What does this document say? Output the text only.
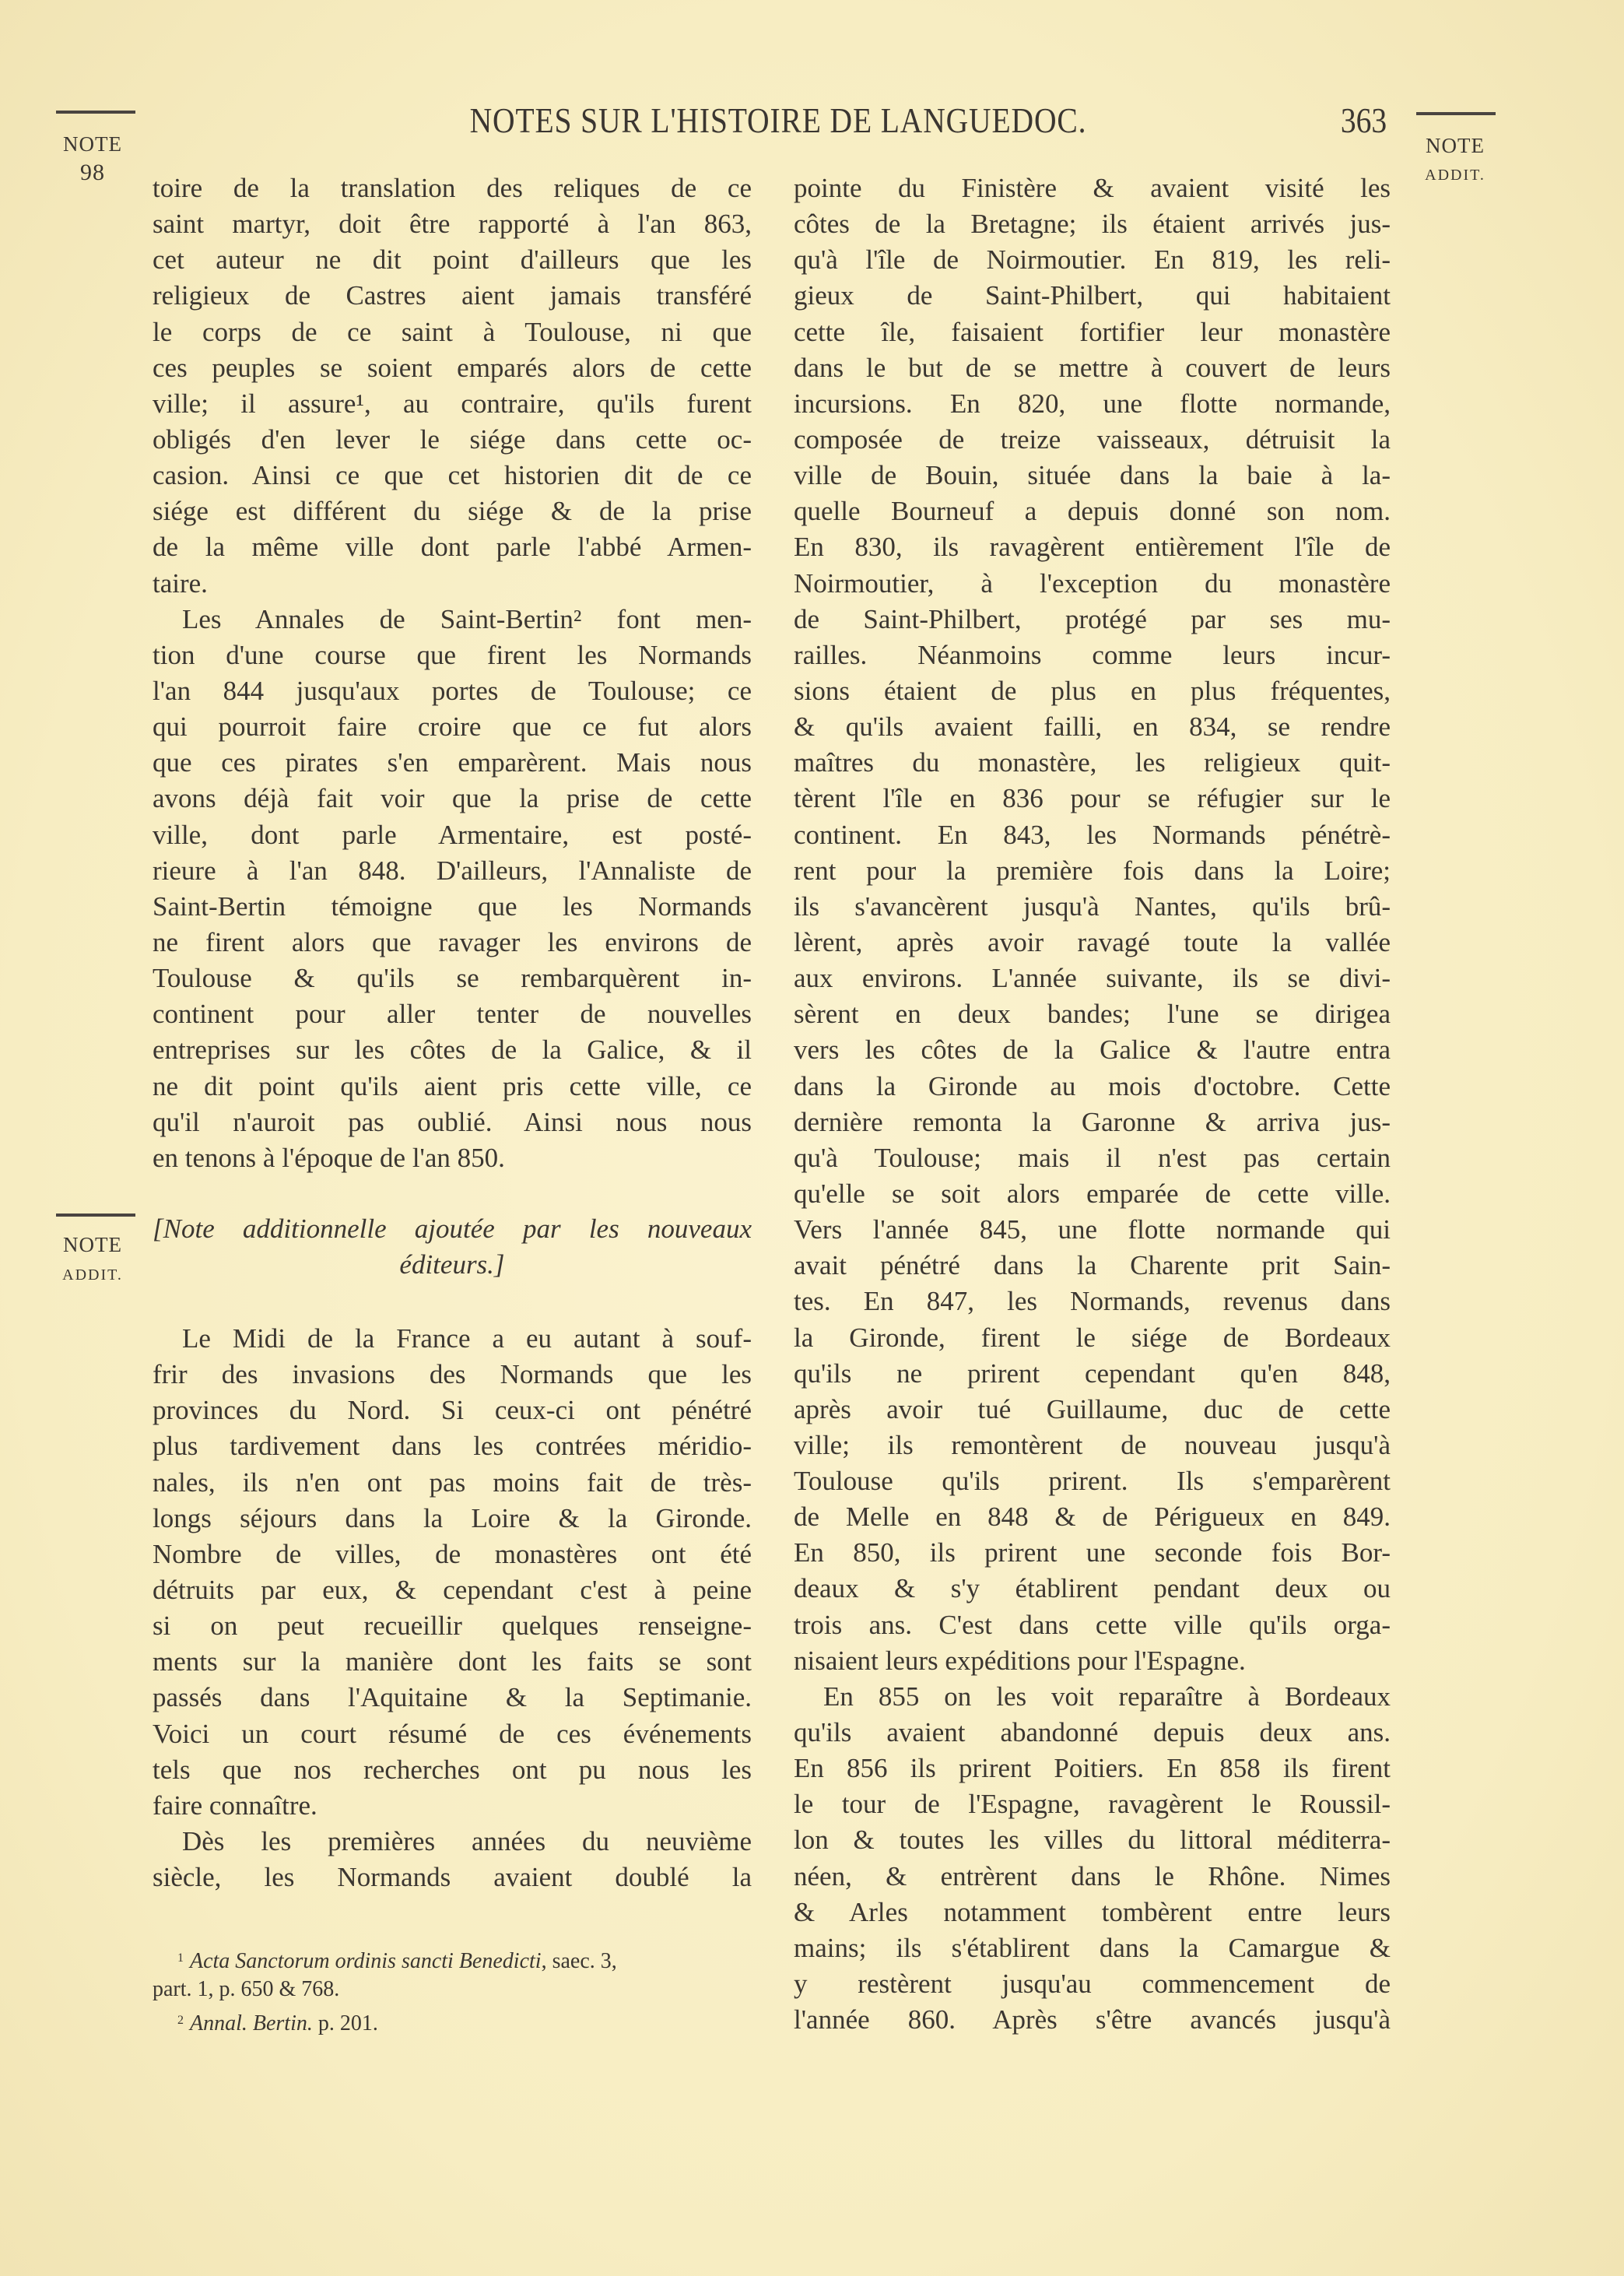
NOTES SUR L'HISTOIRE DE LANGUEDOC.	363
NOTE
98
NOTE
ADDIT.
NOTE
ADDIT.
toire de la translation des reliques de ce
saint martyr, doit être rapporté à l'an 863,
cet auteur ne dit point d'ailleurs que les
religieux de Castres aient jamais transféré
le corps de ce saint à Toulouse, ni que
ces peuples se soient emparés alors de cette
ville; il assure¹, au contraire, qu'ils furent
obligés d'en lever le siége dans cette oc-
casion. Ainsi ce que cet historien dit de ce
siége est différent du siége & de la prise
de la même ville dont parle l'abbé Armen-
taire.
Les Annales de Saint-Bertin² font men-
tion d'une course que firent les Normands
l'an 844 jusqu'aux portes de Toulouse; ce
qui pourroit faire croire que ce fut alors
que ces pirates s'en emparèrent. Mais nous
avons déjà fait voir que la prise de cette
ville, dont parle Armentaire, est posté-
rieure à l'an 848. D'ailleurs, l'Annaliste de
Saint-Bertin témoigne que les Normands
ne firent alors que ravager les environs de
Toulouse & qu'ils se rembarquèrent in-
continent pour aller tenter de nouvelles
entreprises sur les côtes de la Galice, & il
ne dit point qu'ils aient pris cette ville, ce
qu'il n'auroit pas oublié. Ainsi nous nous
en tenons à l'époque de l'an 850.
[Note additionnelle ajoutée par les nouveaux
éditeurs.]
Le Midi de la France a eu autant à souf-
frir des invasions des Normands que les
provinces du Nord. Si ceux-ci ont pénétré
plus tardivement dans les contrées méridio-
nales, ils n'en ont pas moins fait de très-
longs séjours dans la Loire & la Gironde.
Nombre de villes, de monastères ont été
détruits par eux, & cependant c'est à peine
si on peut recueillir quelques renseigne-
ments sur la manière dont les faits se sont
passés dans l'Aquitaine & la Septimanie.
Voici un court résumé de ces événements
tels que nos recherches ont pu nous les
faire connaître.
Dès les premières années du neuvième
siècle, les Normands avaient doublé la
$^1$ Acta Sanctorum ordinis sancti Benedicti, saec. 3,
part. 1, p. 650 & 768.
$^2$ Annal. Bertin. p. 201.
pointe du Finistère & avaient visité les
côtes de la Bretagne; ils étaient arrivés jus-
qu'à l'île de Noirmoutier. En 819, les reli-
gieux de Saint-Philbert, qui habitaient
cette île, faisaient fortifier leur monastère
dans le but de se mettre à couvert de leurs
incursions. En 820, une flotte normande,
composée de treize vaisseaux, détruisit la
ville de Bouin, située dans la baie à la-
quelle Bourneuf a depuis donné son nom.
En 830, ils ravagèrent entièrement l'île de
Noirmoutier, à l'exception du monastère
de Saint-Philbert, protégé par ses mu-
railles. Néanmoins comme leurs incur-
sions étaient de plus en plus fréquentes,
& qu'ils avaient failli, en 834, se rendre
maîtres du monastère, les religieux quit-
tèrent l'île en 836 pour se réfugier sur le
continent. En 843, les Normands pénétrè-
rent pour la première fois dans la Loire;
ils s'avancèrent jusqu'à Nantes, qu'ils brû-
lèrent, après avoir ravagé toute la vallée
aux environs. L'année suivante, ils se divi-
sèrent en deux bandes; l'une se dirigea
vers les côtes de la Galice & l'autre entra
dans la Gironde au mois d'octobre. Cette
dernière remonta la Garonne & arriva jus-
qu'à Toulouse; mais il n'est pas certain
qu'elle se soit alors emparée de cette ville.
Vers l'année 845, une flotte normande qui
avait pénétré dans la Charente prit Sain-
tes. En 847, les Normands, revenus dans
la Gironde, firent le siége de Bordeaux
qu'ils ne prirent cependant qu'en 848,
après avoir tué Guillaume, duc de cette
ville; ils remontèrent de nouveau jusqu'à
Toulouse qu'ils prirent. Ils s'emparèrent
de Melle en 848 & de Périgueux en 849.
En 850, ils prirent une seconde fois Bor-
deaux & s'y établirent pendant deux ou
trois ans. C'est dans cette ville qu'ils orga-
nisaient leurs expéditions pour l'Espagne.
En 855 on les voit reparaître à Bordeaux
qu'ils avaient abandonné depuis deux ans.
En 856 ils prirent Poitiers. En 858 ils firent
le tour de l'Espagne, ravagèrent le Roussil-
lon & toutes les villes du littoral méditerra-
néen, & entrèrent dans le Rhône. Nimes
& Arles notamment tombèrent entre leurs
mains; ils s'établirent dans la Camargue &
y restèrent jusqu'au commencement de
l'année 860. Après s'être avancés jusqu'à
